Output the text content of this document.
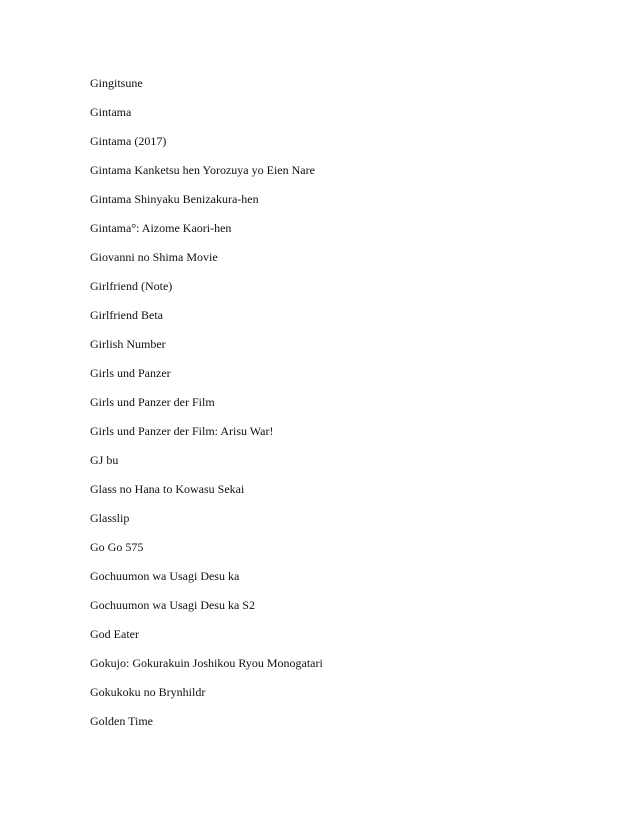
Gingitsune
Gintama
Gintama (2017)
Gintama Kanketsu hen Yorozuya yo Eien Nare
Gintama Shinyaku Benizakura-hen
Gintama°: Aizome Kaori-hen
Giovanni no Shima Movie
Girlfriend (Note)
Girlfriend Beta
Girlish Number
Girls und Panzer
Girls und Panzer der Film
Girls und Panzer der Film: Arisu War!
GJ bu
Glass no Hana to Kowasu Sekai
Glasslip
Go Go 575
Gochuumon wa Usagi Desu ka
Gochuumon wa Usagi Desu ka S2
God Eater
Gokujo: Gokurakuin Joshikou Ryou Monogatari
Gokukoku no Brynhildr
Golden Time
